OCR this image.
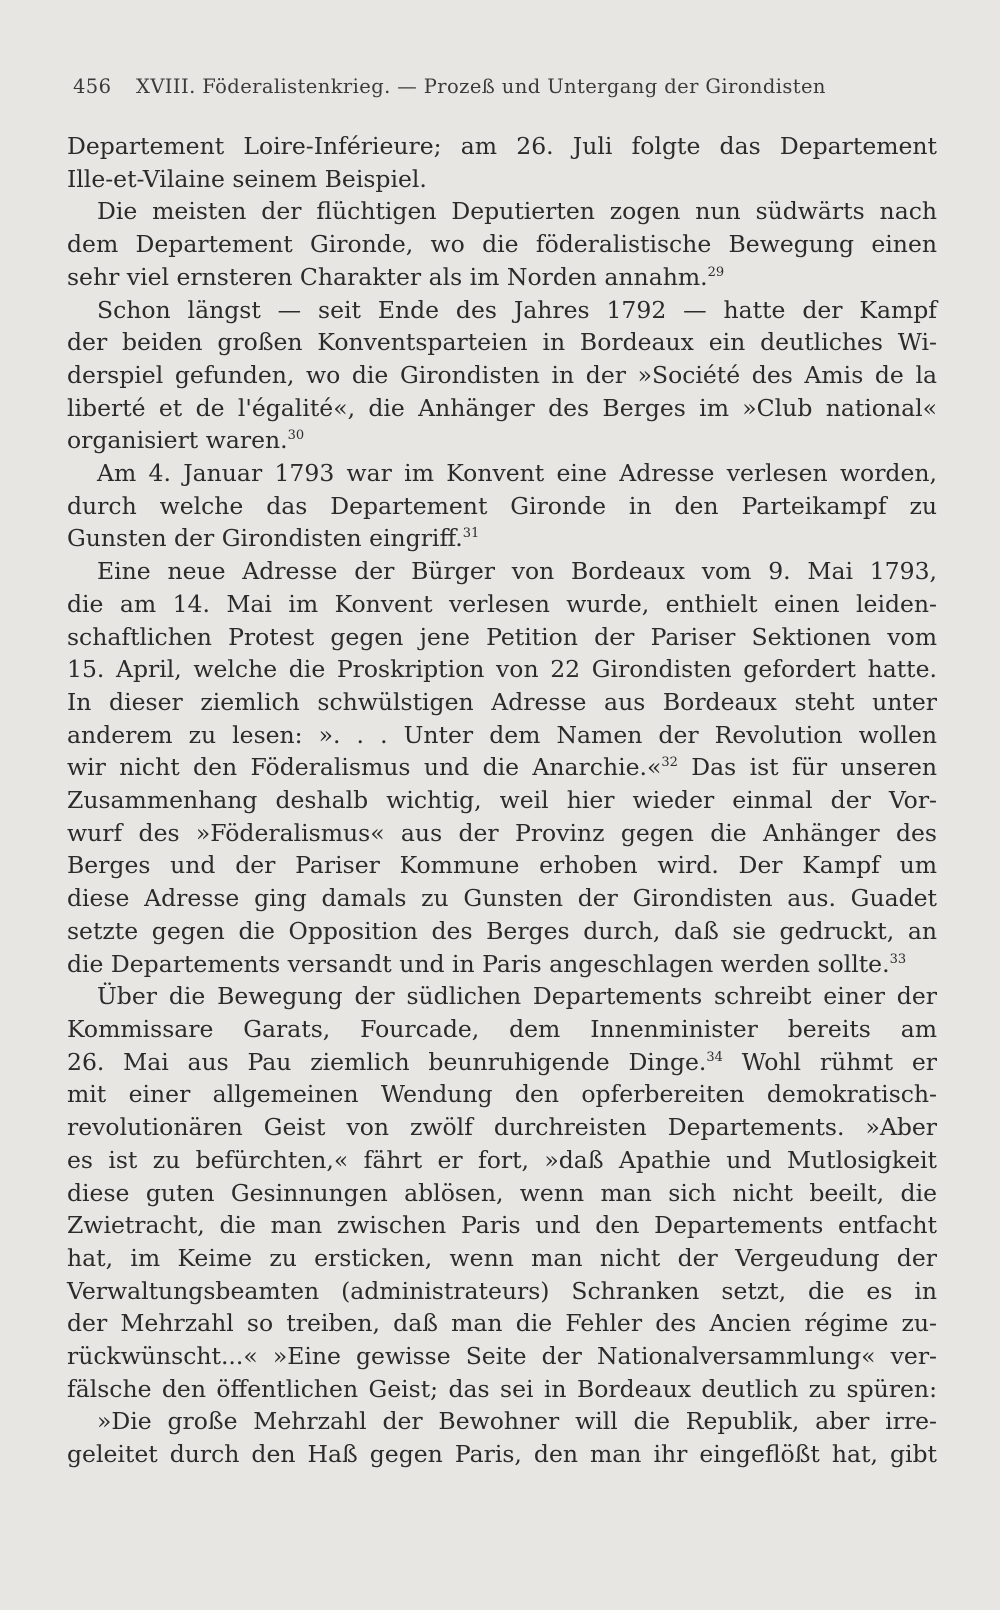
456 XVIII. Föderalistenkrieg. — Prozeß und Untergang der Girondisten
Departement Loire-Inférieure; am 26. Juli folgte das Departement
Ille-et-Vilaine seinem Beispiel.
Die meisten der flüchtigen Deputierten zogen nun südwärts nach
dem Departement Gironde, wo die föderalistische Bewegung einen
sehr viel ernsteren Charakter als im Norden annahm.$^{29}$
Schon längst — seit Ende des Jahres 1792 — hatte der Kampf
der beiden großen Konventsparteien in Bordeaux ein deutliches Wi-
derspiel gefunden, wo die Girondisten in der »Société des Amis de la
liberté et de l'égalité«, die Anhänger des Berges im »Club national«
organisiert waren.$^{30}$
Am 4. Januar 1793 war im Konvent eine Adresse verlesen worden,
durch welche das Departement Gironde in den Parteikampf zu
Gunsten der Girondisten eingriff.$^{31}$
Eine neue Adresse der Bürger von Bordeaux vom 9. Mai 1793,
die am 14. Mai im Konvent verlesen wurde, enthielt einen leiden-
schaftlichen Protest gegen jene Petition der Pariser Sektionen vom
15. April, welche die Proskription von 22 Girondisten gefordert hatte.
In dieser ziemlich schwülstigen Adresse aus Bordeaux steht unter
anderem zu lesen: ». . . Unter dem Namen der Revolution wollen
wir nicht den Föderalismus und die Anarchie.«$^{32}$ Das ist für unseren
Zusammenhang deshalb wichtig, weil hier wieder einmal der Vor-
wurf des »Föderalismus« aus der Provinz gegen die Anhänger des
Berges und der Pariser Kommune erhoben wird. Der Kampf um
diese Adresse ging damals zu Gunsten der Girondisten aus. Guadet
setzte gegen die Opposition des Berges durch, daß sie gedruckt, an
die Departements versandt und in Paris angeschlagen werden sollte.$^{33}$
Über die Bewegung der südlichen Departements schreibt einer der
Kommissare Garats, Fourcade, dem Innenminister bereits am
26. Mai aus Pau ziemlich beunruhigende Dinge.$^{34}$ Wohl rühmt er
mit einer allgemeinen Wendung den opferbereiten demokratisch-
revolutionären Geist von zwölf durchreisten Departements. »Aber
es ist zu befürchten,« fährt er fort, »daß Apathie und Mutlosigkeit
diese guten Gesinnungen ablösen, wenn man sich nicht beeilt, die
Zwietracht, die man zwischen Paris und den Departements entfacht
hat, im Keime zu ersticken, wenn man nicht der Vergeudung der
Verwaltungsbeamten (administrateurs) Schranken setzt, die es in
der Mehrzahl so treiben, daß man die Fehler des Ancien régime zu-
rückwünscht...« »Eine gewisse Seite der Nationalversammlung« ver-
fälsche den öffentlichen Geist; das sei in Bordeaux deutlich zu spüren:
»Die große Mehrzahl der Bewohner will die Republik, aber irre-
geleitet durch den Haß gegen Paris, den man ihr eingeflößt hat, gibt
